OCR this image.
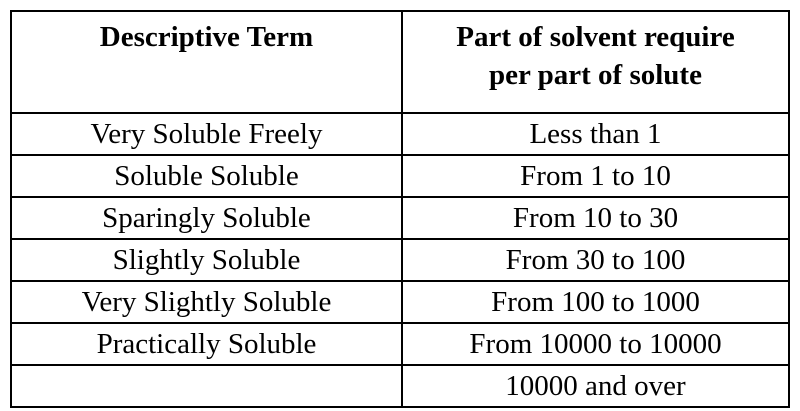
Descriptive Term	Part of solvent require
per part of solute

Very Soluble Freely	Less than 1
Soluble Soluble	From 1 to 10
Sparingly Soluble	From 10 to 30
Slightly Soluble	From 30 to 100
Very Slightly Soluble	From 100 to 1000
Practically Soluble	From 10000 to 10000
	10000 and over
